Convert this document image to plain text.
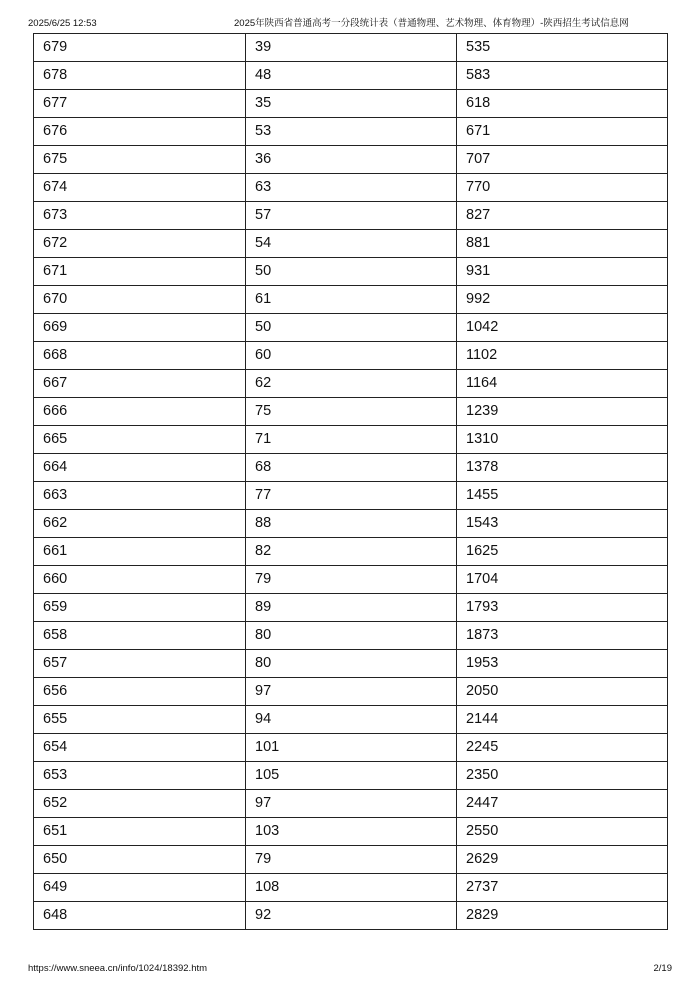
2025/6/25 12:53	2025年陕西省普通高考一分段统计表（普通物理、艺术物理、体育物理）-陕西招生考试信息网
679	39	535
678	48	583
677	35	618
676	53	671
675	36	707
674	63	770
673	57	827
672	54	881
671	50	931
670	61	992
669	50	1042
668	60	1102
667	62	1164
666	75	1239
665	71	1310
664	68	1378
663	77	1455
662	88	1543
661	82	1625
660	79	1704
659	89	1793
658	80	1873
657	80	1953
656	97	2050
655	94	2144
654	101	2245
653	105	2350
652	97	2447
651	103	2550
650	79	2629
649	108	2737
648	92	2829
https://www.sneea.cn/info/1024/18392.htm	2/19
